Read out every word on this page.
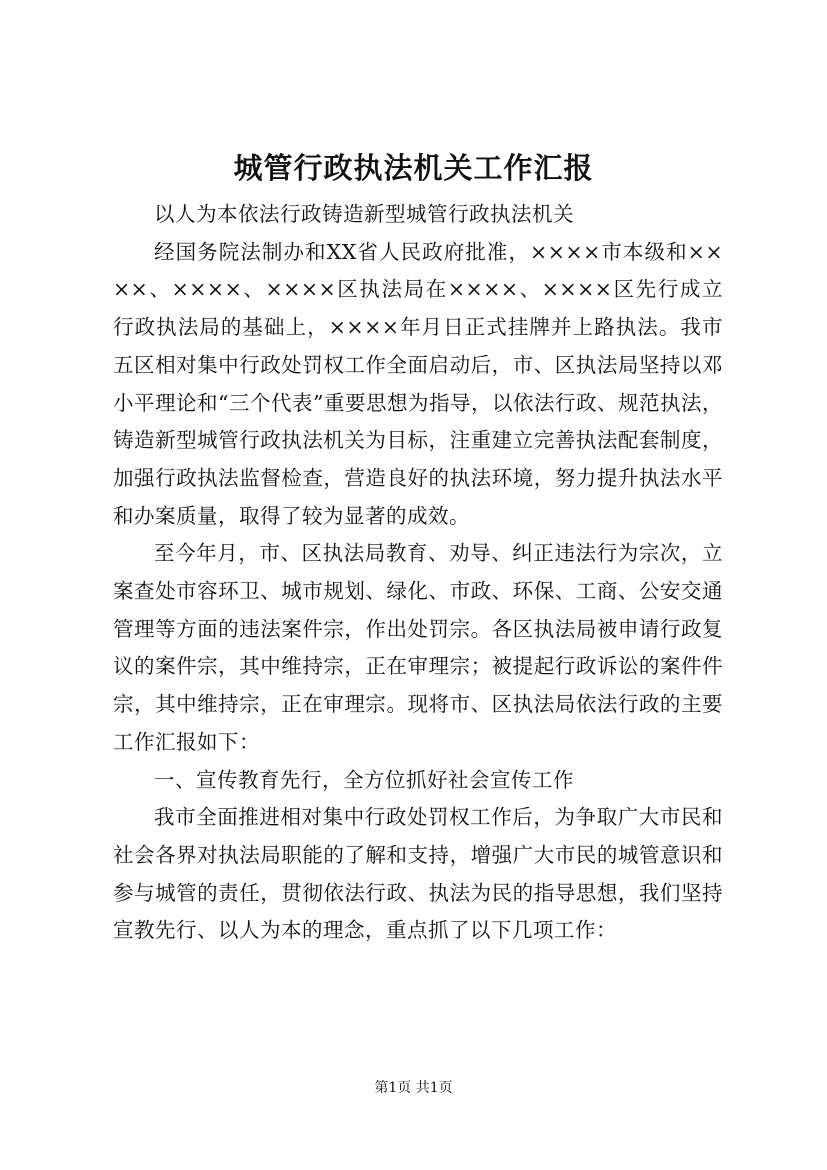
城管行政执法机关工作汇报

以人为本依法行政铸造新型城管行政执法机关

经国务院法制办和XX省人民政府批准，××××市本级和××××、××××、××××区执法局在××××、××××区先行成立行政执法局的基础上，××××年月日正式挂牌并上路执法。我市五区相对集中行政处罚权工作全面启动后，市、区执法局坚持以邓小平理论和“三个代表”重要思想为指导，以依法行政、规范执法，铸造新型城管行政执法机关为目标，注重建立完善执法配套制度，加强行政执法监督检查，营造良好的执法环境，努力提升执法水平和办案质量，取得了较为显著的成效。

至今年月，市、区执法局教育、劝导、纠正违法行为宗次，立案查处市容环卫、城市规划、绿化、市政、环保、工商、公安交通管理等方面的违法案件宗，作出处罚宗。各区执法局被申请行政复议的案件宗，其中维持宗，正在审理宗；被提起行政诉讼的案件件宗，其中维持宗，正在审理宗。现将市、区执法局依法行政的主要工作汇报如下：

一、宣传教育先行，全方位抓好社会宣传工作

我市全面推进相对集中行政处罚权工作后，为争取广大市民和社会各界对执法局职能的了解和支持，增强广大市民的城管意识和参与城管的责任，贯彻依法行政、执法为民的指导思想，我们坚持宣教先行、以人为本的理念，重点抓了以下几项工作：

第1页 共1页
